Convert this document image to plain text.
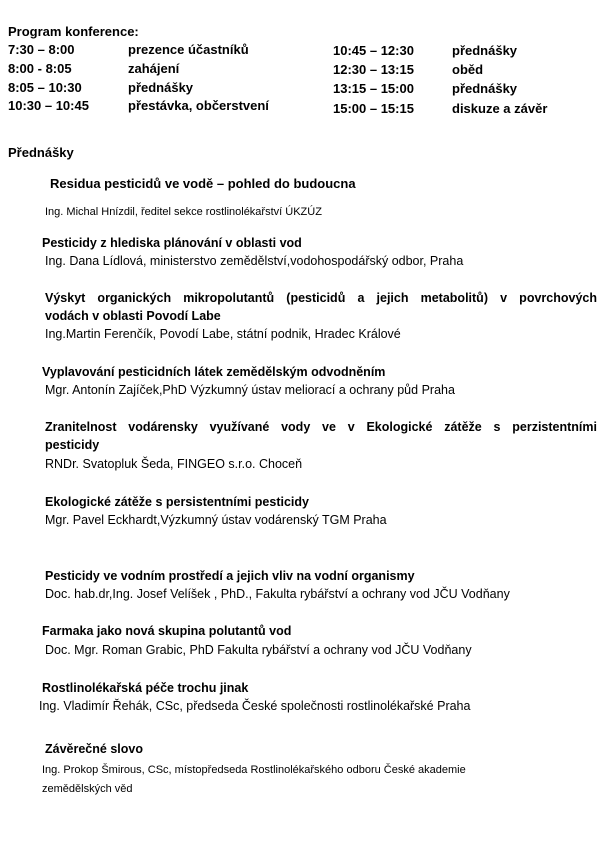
Program konference:
7:30 – 8:00	prezence účastníků
8:00 - 8:05	zahájení
8:05 – 10:30	přednášky
10:30 – 10:45	přestávka, občerstvení
10:45 – 12:30	přednášky
12:30 – 13:15	oběd
13:15 – 15:00	přednášky
15:00 – 15:15	diskuze a závěr
Přednášky
Residua pesticidů ve vodě – pohled do budoucna
Ing. Michal Hnízdil, ředitel sekce rostlinolékařství ÚKZÚZ
Pesticidy z hlediska plánování v oblasti vod
Ing. Dana Lídlová, ministerstvo zemědělství,vodohospodářský odbor, Praha
Výskyt organických mikropolutantů (pesticidů a jejich metabolitů) v povrchových
vodách v oblasti Povodí Labe
Ing.Martin Ferenčík, Povodí Labe, státní podnik, Hradec Králové
Vyplavování pesticidních látek zemědělským odvodněním
Mgr. Antonín Zajíček,PhD Výzkumný ústav meliorací a ochrany půd Praha
Zranitelnost vodárensky využívané vody ve v Ekologické zátěže s perzistentními
pesticidy
RNDr. Svatopluk Šeda, FINGEO s.r.o. Choceň
Ekologické zátěže s persistentními pesticidy
Mgr. Pavel Eckhardt,Výzkumný ústav vodárenský TGM Praha
Pesticidy ve vodním prostředí a jejich vliv na vodní organismy
Doc. hab.dr,Ing. Josef Velíšek , PhD., Fakulta rybářství a ochrany vod JČU Vodňany
Farmaka jako nová skupina polutantů vod
Doc. Mgr. Roman Grabic, PhD Fakulta rybářství a ochrany vod JČU Vodňany
Rostlinolékařská péče trochu jinak
Ing. Vladimír Řehák, CSc, předseda České společnosti rostlinolékařské Praha
Závěrečné slovo
Ing. Prokop Šmirous, CSc, místopředseda Rostlinolékařského odboru České akademie
zemědělských věd
